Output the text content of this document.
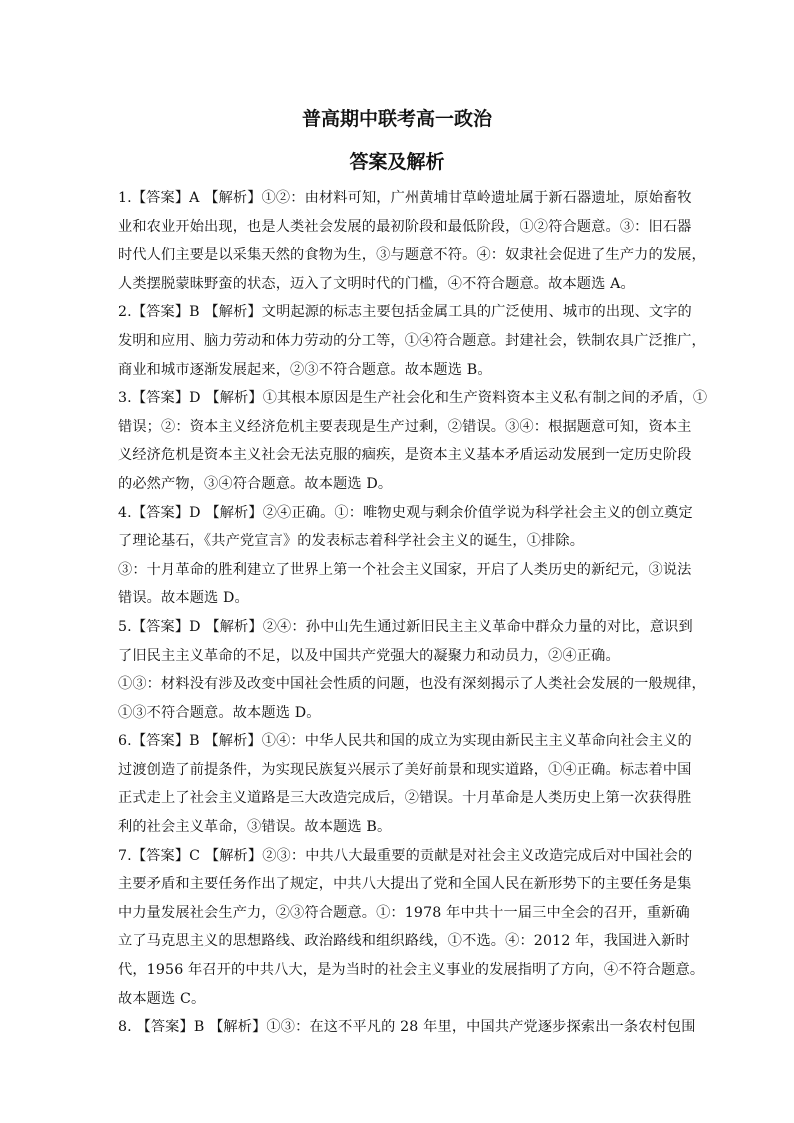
普高期中联考高一政治
答案及解析
1.【答案】A 【解析】①②：由材料可知，广州黄埔甘草岭遗址属于新石器遗址，原始畜牧
业和农业开始出现，也是人类社会发展的最初阶段和最低阶段，①②符合题意。③：旧石器
时代人们主要是以采集天然的食物为生，③与题意不符。④：奴隶社会促进了生产力的发展，
人类摆脱蒙昧野蛮的状态，迈入了文明时代的门槛，④不符合题意。故本题选 A。
2.【答案】B 【解析】文明起源的标志主要包括金属工具的广泛使用、城市的出现、文字的
发明和应用、脑力劳动和体力劳动的分工等，①④符合题意。封建社会，铁制农具广泛推广，
商业和城市逐渐发展起来，②③不符合题意。故本题选 B。
3.【答案】D 【解析】①其根本原因是生产社会化和生产资料资本主义私有制之间的矛盾，①
错误；②：资本主义经济危机主要表现是生产过剩，②错误。③④：根据题意可知，资本主
义经济危机是资本主义社会无法克服的痼疾，是资本主义基本矛盾运动发展到一定历史阶段
的必然产物，③④符合题意。故本题选 D。
4.【答案】D 【解析】②④正确。①：唯物史观与剩余价值学说为科学社会主义的创立奠定
了理论基石，《共产党宣言》的发表标志着科学社会主义的诞生，①排除。
③：十月革命的胜利建立了世界上第一个社会主义国家，开启了人类历史的新纪元，③说法
错误。故本题选 D。
5.【答案】D 【解析】②④：孙中山先生通过新旧民主主义革命中群众力量的对比，意识到
了旧民主主义革命的不足，以及中国共产党强大的凝聚力和动员力，②④正确。
①③：材料没有涉及改变中国社会性质的问题，也没有深刻揭示了人类社会发展的一般规律，
①③不符合题意。故本题选 D。
6.【答案】B 【解析】①④：中华人民共和国的成立为实现由新民主主义革命向社会主义的
过渡创造了前提条件，为实现民族复兴展示了美好前景和现实道路，①④正确。标志着中国
正式走上了社会主义道路是三大改造完成后，②错误。十月革命是人类历史上第一次获得胜
利的社会主义革命，③错误。故本题选 B。
7.【答案】C 【解析】②③：中共八大最重要的贡献是对社会主义改造完成后对中国社会的
主要矛盾和主要任务作出了规定，中共八大提出了党和全国人民在新形势下的主要任务是集
中力量发展社会生产力，②③符合题意。①：1978 年中共十一届三中全会的召开，重新确
立了马克思主义的思想路线、政治路线和组织路线，①不选。④：2012 年，我国进入新时
代，1956 年召开的中共八大，是为当时的社会主义事业的发展指明了方向，④不符合题意。
故本题选 C。
8. 【答案】B 【解析】①③：在这不平凡的 28 年里，中国共产党逐步探索出一条农村包围
